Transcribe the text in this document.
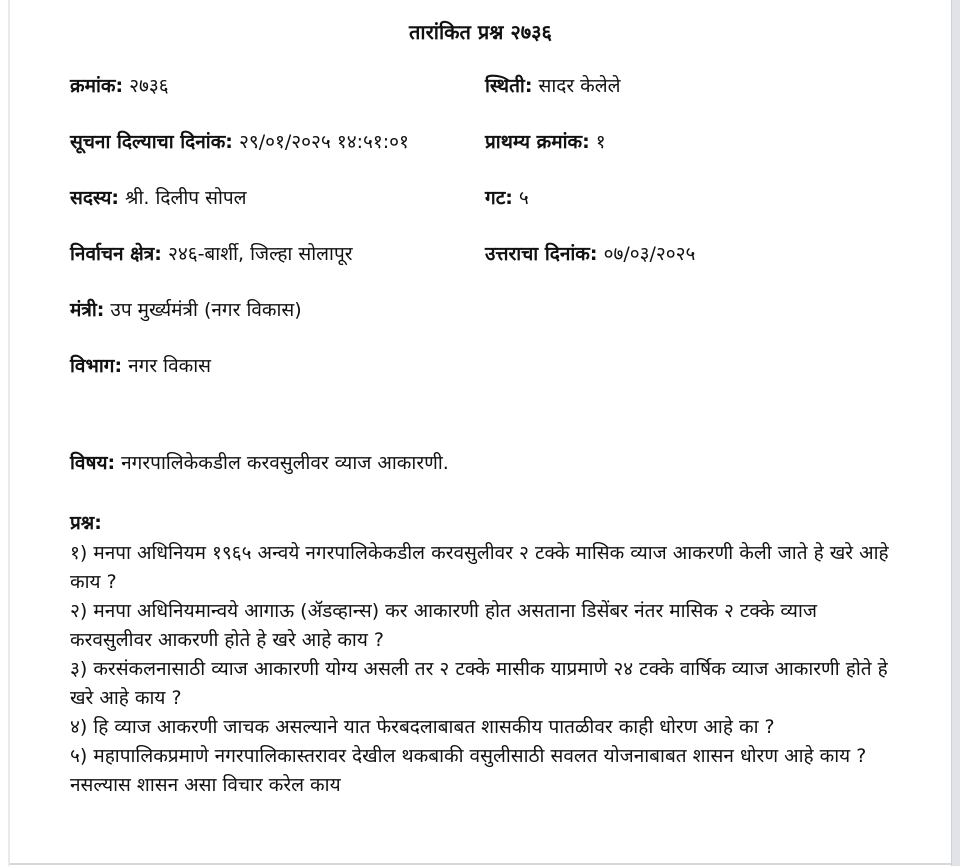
तारांकित प्रश्न २७३६
क्रमांक: २७३६	स्थिती: सादर केलेले
सूचना दिल्याचा दिनांक: २९/०१/२०२५ १४:५१:०१	प्राथम्य क्रमांक: १
सदस्य: श्री. दिलीप सोपल	गट: ५
निर्वाचन क्षेत्र: २४६-बार्शी, जिल्हा सोलापूर	उत्तराचा दिनांक: ०७/०३/२०२५
मंत्री: उप मुर्ख्यमंत्री (नगर विकास)
विभाग: नगर विकास
विषय: नगरपालिकेकडील करवसुलीवर व्याज आकारणी.
प्रश्न:
१) मनपा अधिनियम १९६५ अन्वये नगरपालिकेकडील करवसुलीवर २ टक्के मासिक व्याज आकरणी केली जाते हे खरे आहे काय ?
२) मनपा अधिनियमान्वये आगाऊ (ॲडव्हान्स) कर आकारणी होत असताना डिसेंबर नंतर मासिक २ टक्के व्याज करवसुलीवर आकरणी होते हे खरे आहे काय ?
३) करसंकलनासाठी व्याज आकारणी योग्य असली तर २ टक्के मासीक याप्रमाणे २४ टक्के वार्षिक व्याज आकारणी होते हे खरे आहे काय ?
४) हि व्याज आकरणी जाचक असल्याने यात फेरबदलाबाबत शासकीय पातळीवर काही धोरण आहे का ?
५) महापालिकप्रमाणे नगरपालिकास्तरावर देखील थकबाकी वसुलीसाठी सवलत योजनाबाबत शासन धोरण आहे काय ? नसल्यास शासन असा विचार करेल काय
